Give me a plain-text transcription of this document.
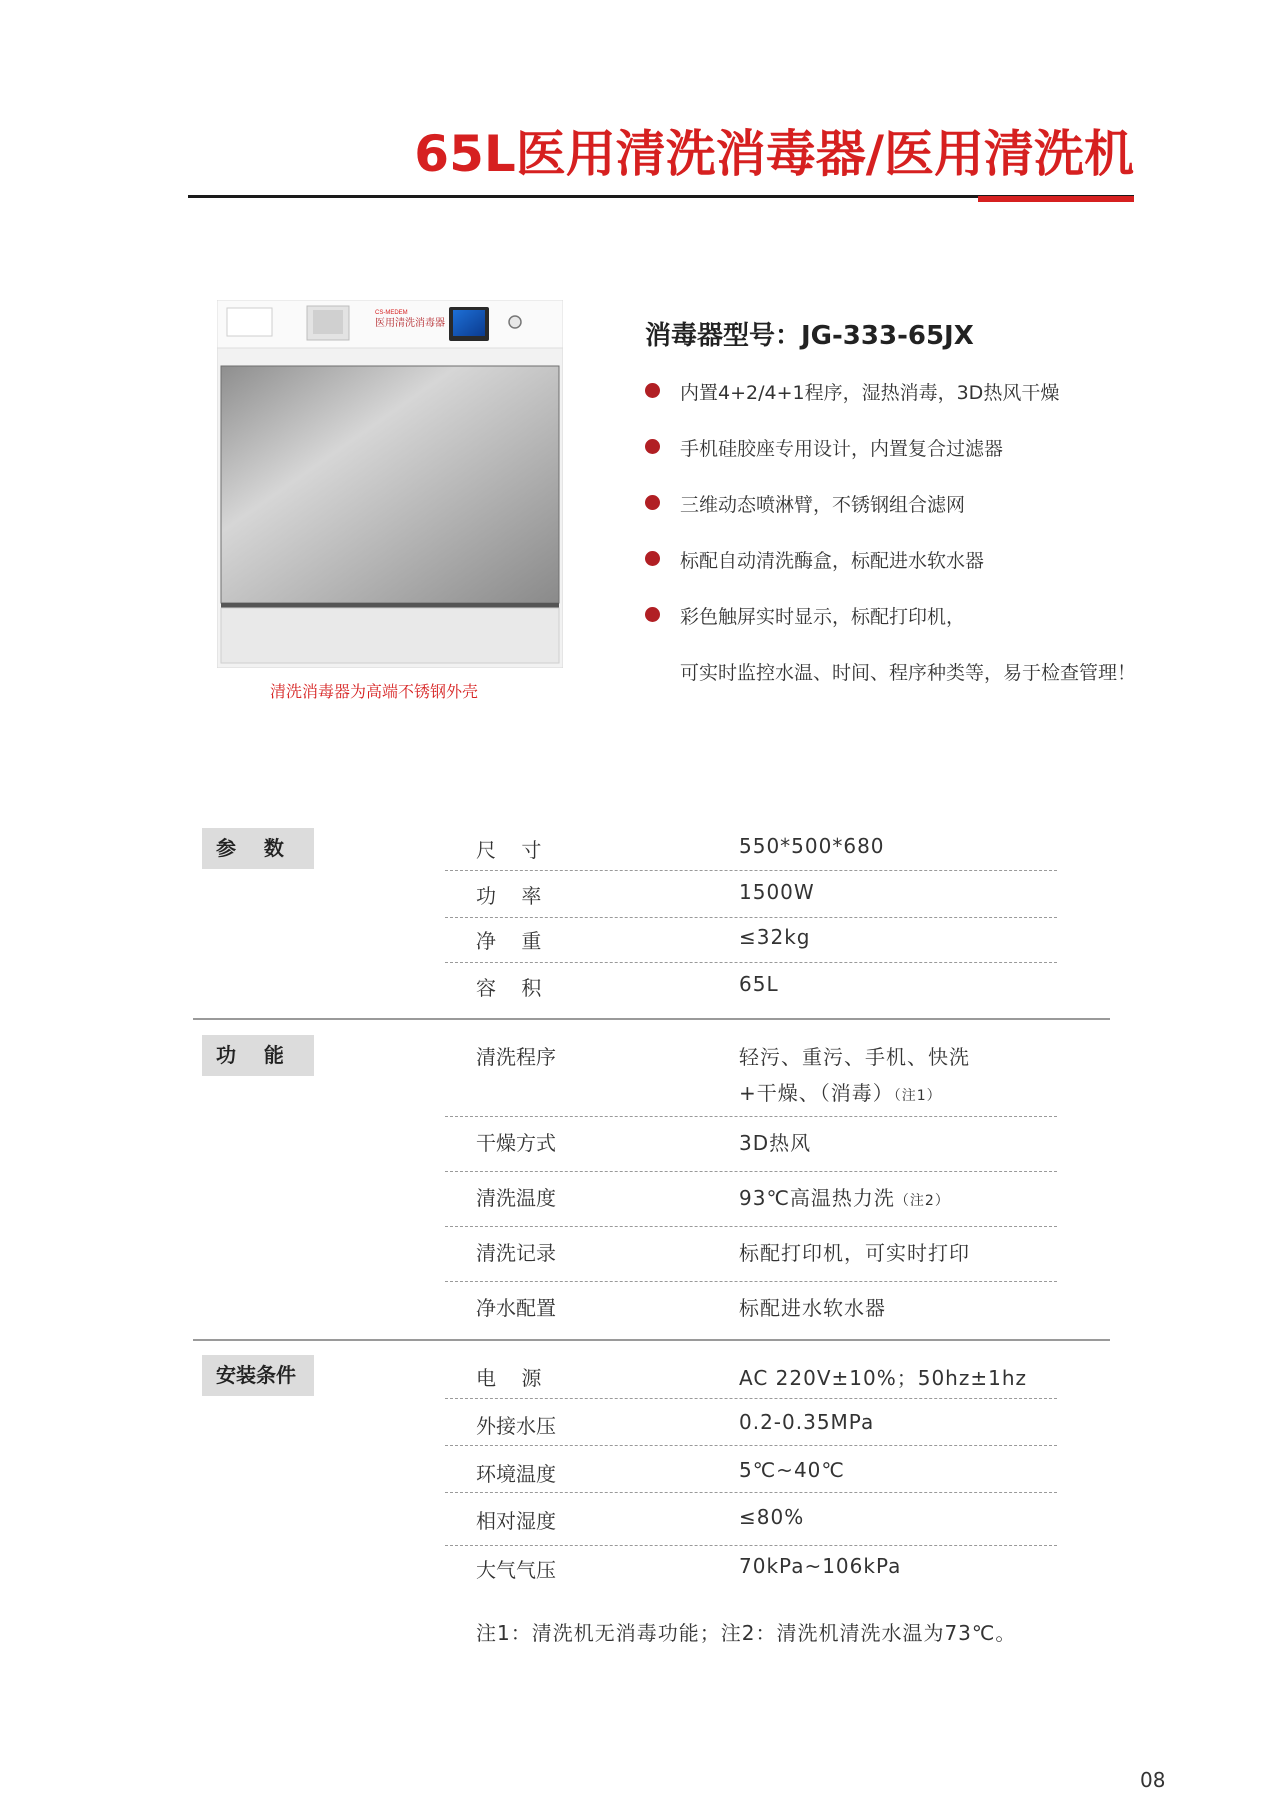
65L医用清洗消毒器/医用清洗机
CS-MEDEM
医用清洗消毒器
清洗消毒器为高端不锈钢外壳
消毒器型号：JG-333-65JX
内置4+2/4+1程序，湿热消毒，3D热风干燥
手机硅胶座专用设计，内置复合过滤器
三维动态喷淋臂，不锈钢组合滤网
标配自动清洗酶盒，标配进水软水器
彩色触屏实时显示，标配打印机，
可实时监控水温、时间、程序种类等，易于检查管理！
参    数	尺    寸	550*500*680
功    率	1500W
净    重	≤32kg
容    积	65L
功    能	清洗程序	轻污、重污、手机、快洗
+干燥、（消毒）（注1）
干燥方式	3D热风
清洗温度	93℃高温热力洗（注2）
清洗记录	标配打印机，可实时打印
净水配置	标配进水软水器
安装条件	电    源	AC 220V±10%；50hz±1hz
外接水压	0.2-0.35MPa
环境温度	5℃~40℃
相对湿度	≤80%
大气气压	70kPa~106kPa
注1：清洗机无消毒功能；注2：清洗机清洗水温为73℃。
08
